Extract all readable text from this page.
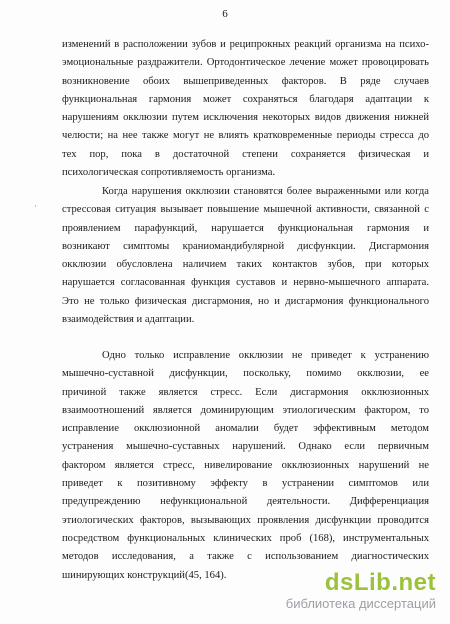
6
·
изменений в расположении зубов и реципрокных реакций организма на психо-
эмоциональные раздражители. Ортодонтическое лечение может провоцировать
возникновение обоих вышеприведенных факторов. В ряде случаев
функциональная гармония может сохраняться благодаря адаптации к
нарушениям окклюзии путем исключения некоторых видов движения нижней
челюсти; на нее также могут не влиять кратковременные периоды стресса до
тех пор, пока в достаточной степени сохраняется физическая и
психологическая сопротивляемость организма.
Когда нарушения окклюзии становятся более выраженными или когда
стрессовая ситуация вызывает повышение мышечной активности, связанной с
проявлением парафункций, нарушается функциональная гармония и
возникают симптомы краниомандибулярной дисфункции. Дисгармония
окклюзии обусловлена наличием таких контактов зубов, при которых
нарушается согласованная функция суставов и нервно-мышечного аппарата.
Это не только физическая дисгармония, но и дисгармония функционального
взаимодействия и адаптации.
Одно только исправление окклюзии не приведет к устранению
мышечно-суставной дисфункции, поскольку, помимо окклюзии, ее
причиной также является стресс. Если дисгармония окклюзионных
взаимоотношений является доминирующим этиологическим фактором, то
исправление окклюзионной аномалии будет эффективным методом
устранения мышечно-суставных нарушений. Однако если первичным
фактором является стресс, нивелирование окклюзионных нарушений не
приведет к позитивному эффекту в устранении симптомов или
предупреждению нефункциональной деятельности. Дифференциация
этиологических факторов, вызывающих проявления дисфункции проводится
посредством функциональных клинических проб (168), инструментальных
методов исследования, а также с использованием диагностических
шинирующих конструкций(45, 164).	dsLib.net
библиотека диссертаций
